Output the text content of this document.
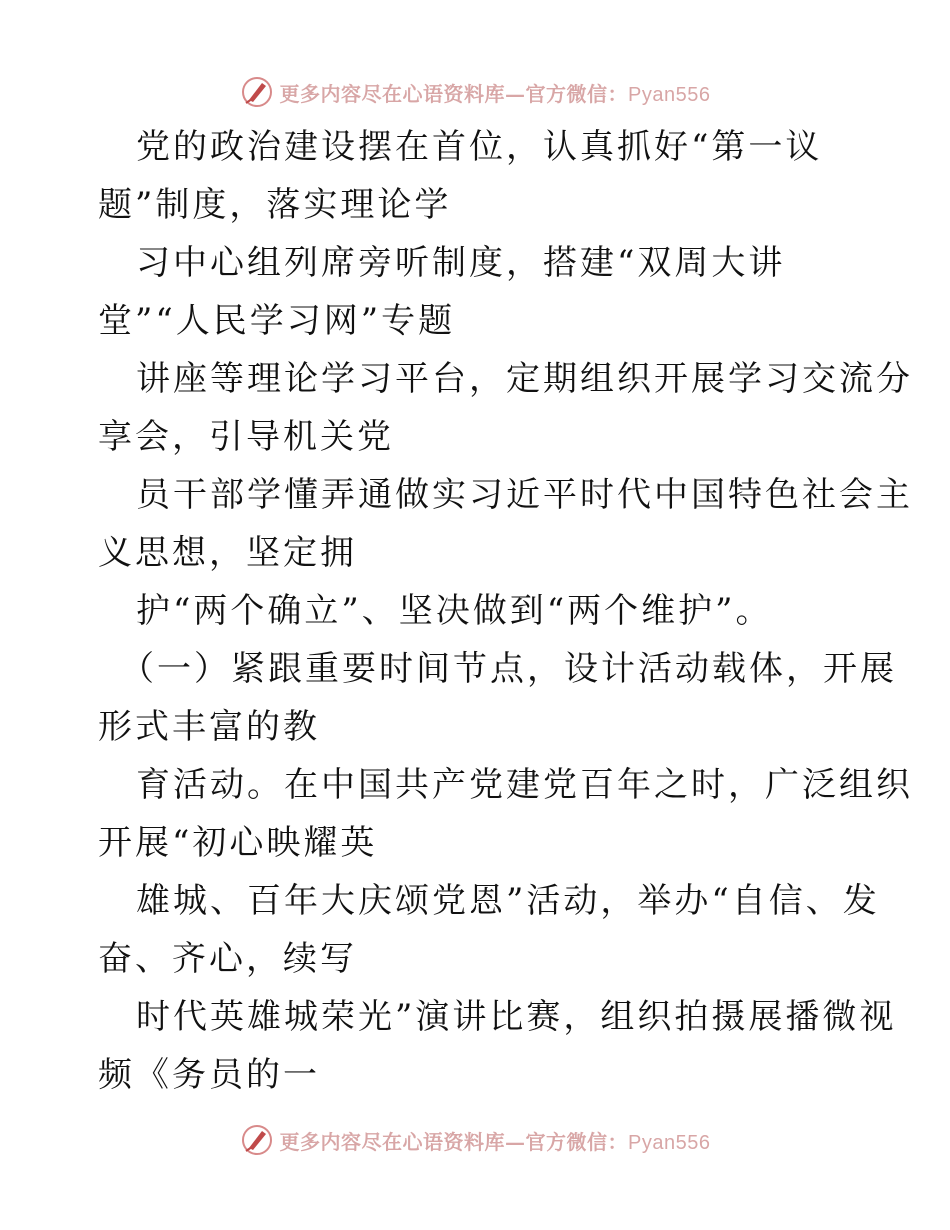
更多内容尽在心语资料库—官方微信：Pyan556
党的政治建设摆在首位，认真抓好“第一议
题”制度，落实理论学
习中心组列席旁听制度，搭建“双周大讲
堂”“人民学习网”专题
讲座等理论学习平台，定期组织开展学习交流分
享会，引导机关党
员干部学懂弄通做实习近平时代中国特色社会主
义思想，坚定拥
护“两个确立”、坚决做到“两个维护”。
（一）紧跟重要时间节点，设计活动载体，开展
形式丰富的教
育活动。在中国共产党建党百年之时，广泛组织
开展“初心映耀英
雄城、百年大庆颂党恩”活动，举办“自信、发
奋、齐心，续写
时代英雄城荣光”演讲比赛，组织拍摄展播微视
频《务员的一
更多内容尽在心语资料库—官方微信：Pyan556
